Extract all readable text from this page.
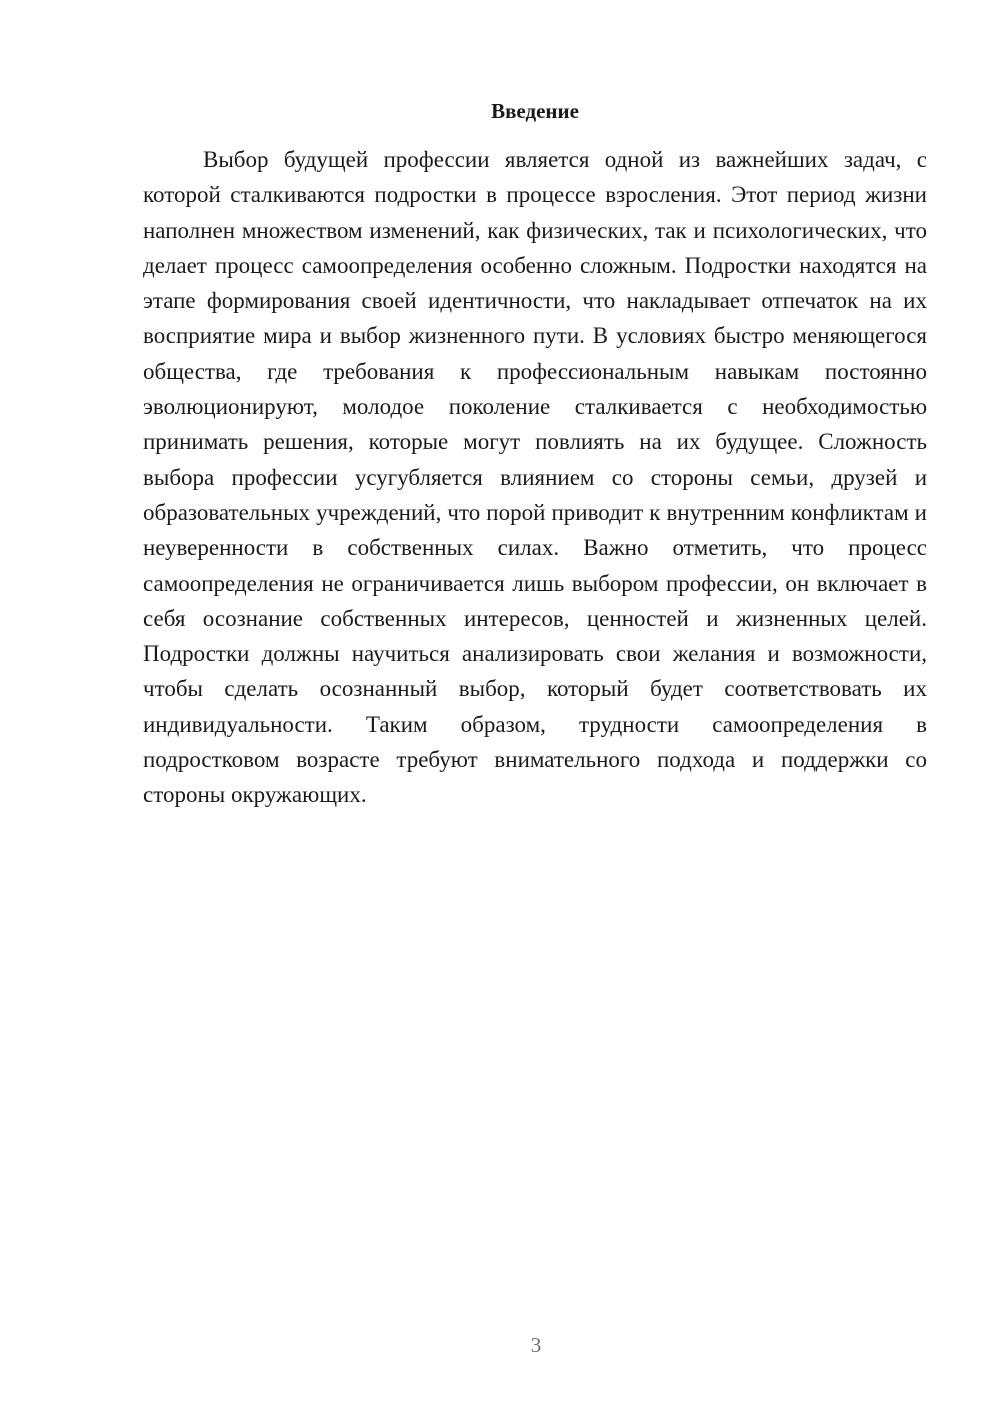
Введение

Выбор будущей профессии является одной из важнейших задач, с которой сталкиваются подростки в процессе взросления. Этот период жизни наполнен множеством изменений, как физических, так и психологических, что делает процесс самоопределения особенно сложным. Подростки находятся на этапе формирования своей идентичности, что накладывает отпечаток на их восприятие мира и выбор жизненного пути. В условиях быстро меняющегося общества, где требования к профессиональным навыкам постоянно эволюционируют, молодое поколение сталкивается с необходимостью принимать решения, которые могут повлиять на их будущее. Сложность выбора профессии усугубляется влиянием со стороны семьи, друзей и образовательных учреждений, что порой приводит к внутренним конфликтам и неуверенности в собственных силах. Важно отметить, что процесс самоопределения не ограничивается лишь выбором профессии, он включает в себя осознание собственных интересов, ценностей и жизненных целей. Подростки должны научиться анализировать свои желания и возможности, чтобы сделать осознанный выбор, который будет соответствовать их индивидуальности. Таким образом, трудности самоопределения в подростковом возрасте требуют внимательного подхода и поддержки со стороны окружающих.

3
